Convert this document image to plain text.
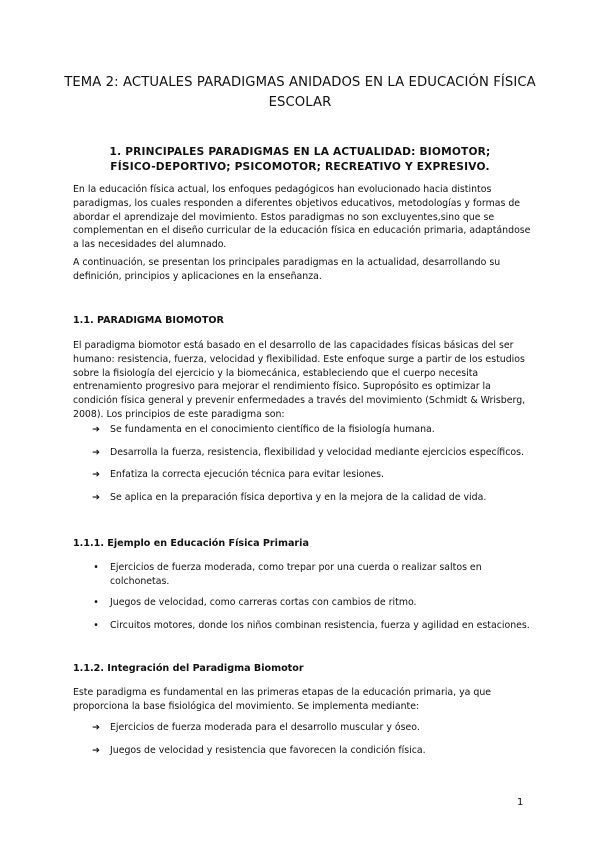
TEMA 2: ACTUALES PARADIGMAS ANIDADOS EN LA EDUCACIÓN FÍSICA ESCOLAR
1. PRINCIPALES PARADIGMAS EN LA ACTUALIDAD: BIOMOTOR;
FÍSICO-DEPORTIVO; PSICOMOTOR; RECREATIVO Y EXPRESIVO.

En la educación física actual, los enfoques pedagógicos han evolucionado hacia distintos paradigmas, los cuales responden a diferentes objetivos educativos, metodologías y formas de abordar el aprendizaje del movimiento. Estos paradigmas no son excluyentes,sino que se complementan en el diseño curricular de la educación física en educación primaria, adaptándose a las necesidades del alumnado.

A continuación, se presentan los principales paradigmas en la actualidad, desarrollando su definición, principios y aplicaciones en la enseñanza.

1.1. PARADIGMA BIOMOTOR

El paradigma biomotor está basado en el desarrollo de las capacidades físicas básicas del ser humano: resistencia, fuerza, velocidad y flexibilidad. Este enfoque surge a partir de los estudios sobre la fisiología del ejercicio y la biomecánica, estableciendo que el cuerpo necesita entrenamiento progresivo para mejorar el rendimiento físico. Supropósito es optimizar la condición física general y prevenir enfermedades a través del movimiento (Schmidt & Wrisberg, 2008). Los principios de este paradigma son:

➔ Se fundamenta en el conocimiento científico de la fisiología humana.
➔ Desarrolla la fuerza, resistencia, flexibilidad y velocidad mediante ejercicios específicos.
➔ Enfatiza la correcta ejecución técnica para evitar lesiones.
➔ Se aplica en la preparación física deportiva y en la mejora de la calidad de vida.

1.1.1. Ejemplo en Educación Física Primaria

•	Ejercicios de fuerza moderada, como trepar por una cuerda o realizar saltos en colchonetas.
•	Juegos de velocidad, como carreras cortas con cambios de ritmo.
•	Circuitos motores, donde los niños combinan resistencia, fuerza y agilidad en estaciones.

1.1.2. Integración del Paradigma Biomotor

Este paradigma es fundamental en las primeras etapas de la educación primaria, ya que proporciona la base fisiológica del movimiento. Se implementa mediante:

➔ Ejercicios de fuerza moderada para el desarrollo muscular y óseo.
➔ Juegos de velocidad y resistencia que favorecen la condición física.
1
